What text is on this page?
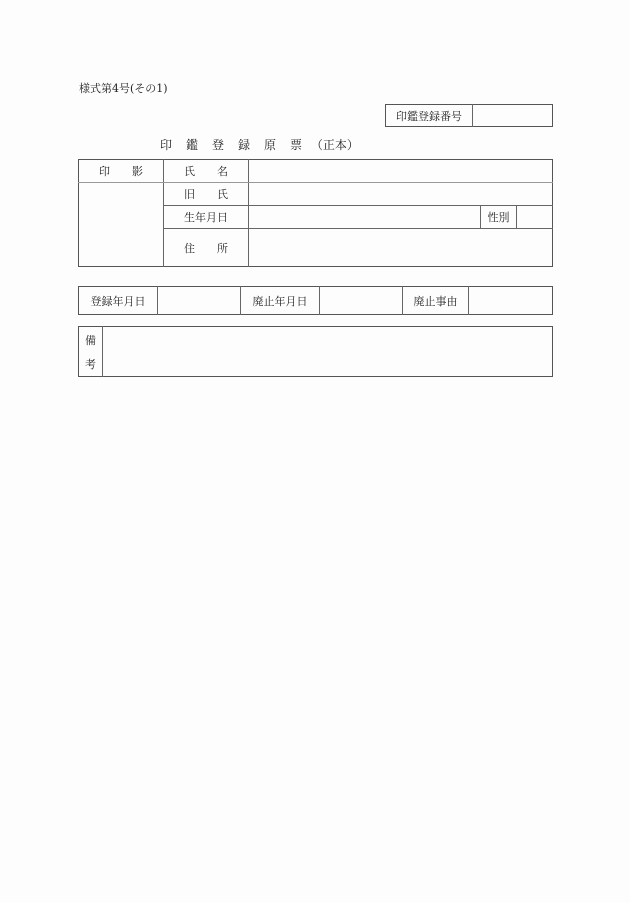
様式第4号(その1)
印鑑登録番号
印　鑑　登　録　原　票 （正本）
印　　影	氏　　名
旧　　氏
生年月日	性別
住　　所
登録年月日	廃止年月日	廃止事由
備
考
